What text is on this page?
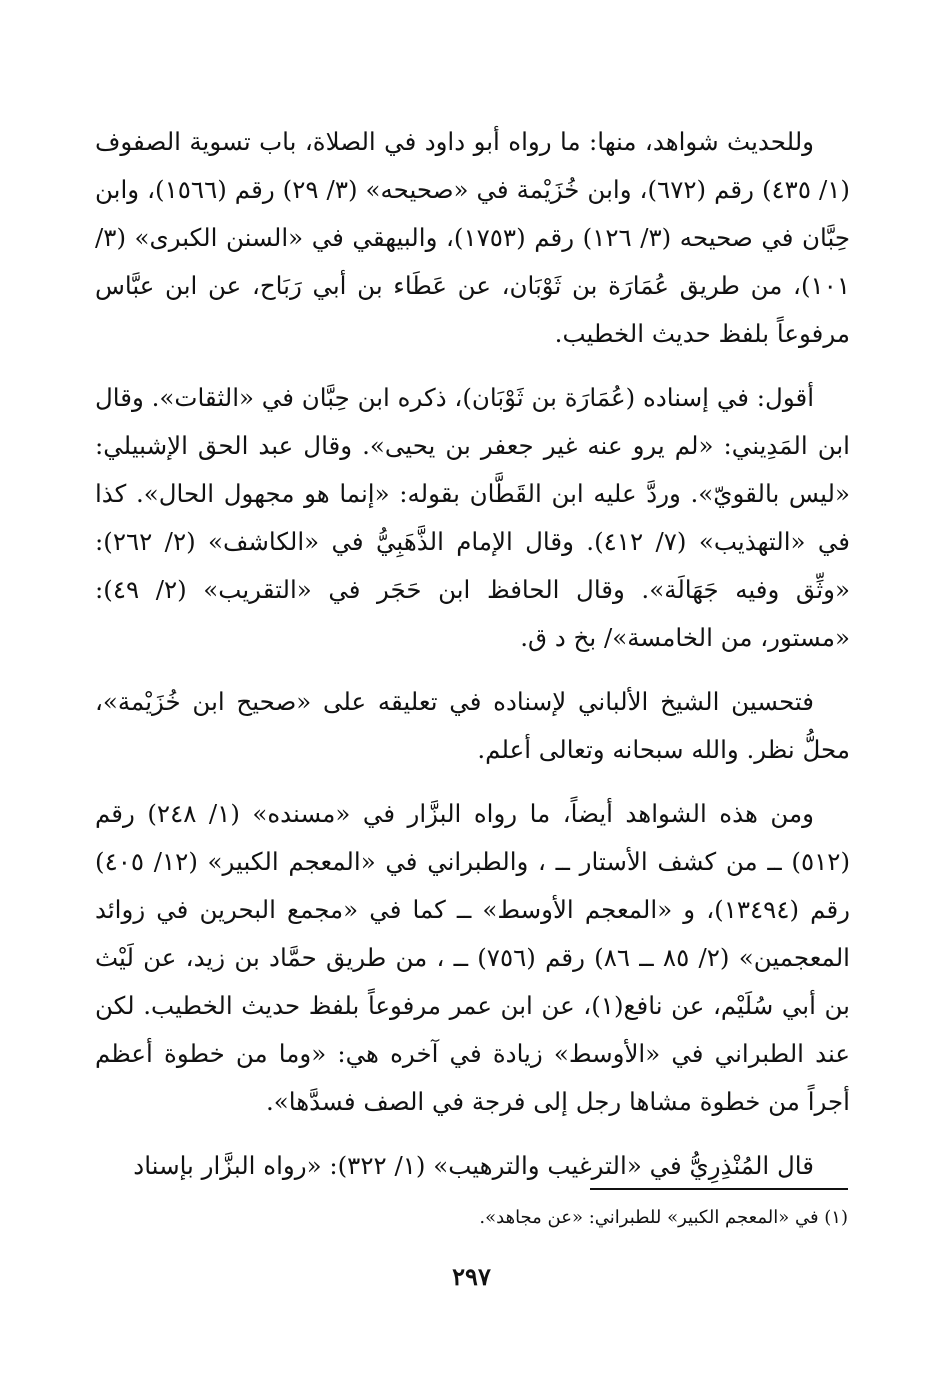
وللحديث شواهد، منها: ما رواه أبو داود في الصلاة، باب تسوية الصفوف (١/ ٤٣٥) رقم (٦٧٢)، وابن خُزَيْمة في «صحيحه» (٣/ ٢٩) رقم (١٥٦٦)، وابن حِبَّان في صحيحه (٣/ ١٢٦) رقم (١٧٥٣)، والبيهقي في «السنن الكبرى» (٣/ ١٠١)، من طريق عُمَارَة بن ثَوْبَان، عن عَطَاء بن أبي رَبَاح، عن ابن عبَّاس مرفوعاً بلفظ حديث الخطيب.

أقول: في إسناده (عُمَارَة بن ثَوْبَان)، ذكره ابن حِبَّان في «الثقات». وقال ابن المَدِيني: «لم يرو عنه غير جعفر بن يحيى». وقال عبد الحق الإشبيلي: «ليس بالقويّ». وردَّ عليه ابن القَطَّان بقوله: «إنما هو مجهول الحال». كذا في «التهذيب» (٧/ ٤١٢). وقال الإمام الذَّهَبِيُّ في «الكاشف» (٢/ ٢٦٢): «وثِّق وفيه جَهَالَة». وقال الحافظ ابن حَجَر في «التقريب» (٢/ ٤٩): «مستور، من الخامسة»/ بخ د ق.

فتحسين الشيخ الألباني لإسناده في تعليقه على «صحيح ابن خُزَيْمة»، محلُّ نظر. والله سبحانه وتعالى أعلم.

ومن هذه الشواهد أيضاً، ما رواه البزَّار في «مسنده» (١/ ٢٤٨) رقم (٥١٢) ــ من كشف الأستار ــ ، والطبراني في «المعجم الكبير» (١٢/ ٤٠٥) رقم (١٣٤٩٤)، و «المعجم الأوسط» ــ كما في «مجمع البحرين في زوائد المعجمين» (٢/ ٨٥ ــ ٨٦) رقم (٧٥٦) ــ ، من طريق حمَّاد بن زيد، عن لَيْث بن أبي سُلَيْم، عن نافع(١)، عن ابن عمر مرفوعاً بلفظ حديث الخطيب. لكن عند الطبراني في «الأوسط» زيادة في آخره هي: «وما من خطوة أعظم أجراً من خطوة مشاها رجل إلى فرجة في الصف فسدَّها».

قال المُنْذِرِيُّ في «الترغيب والترهيب» (١/ ٣٢٢): «رواه البزَّار بإسناد

(١) في «المعجم الكبير» للطبراني: «عن مجاهد».
٢٩٧
